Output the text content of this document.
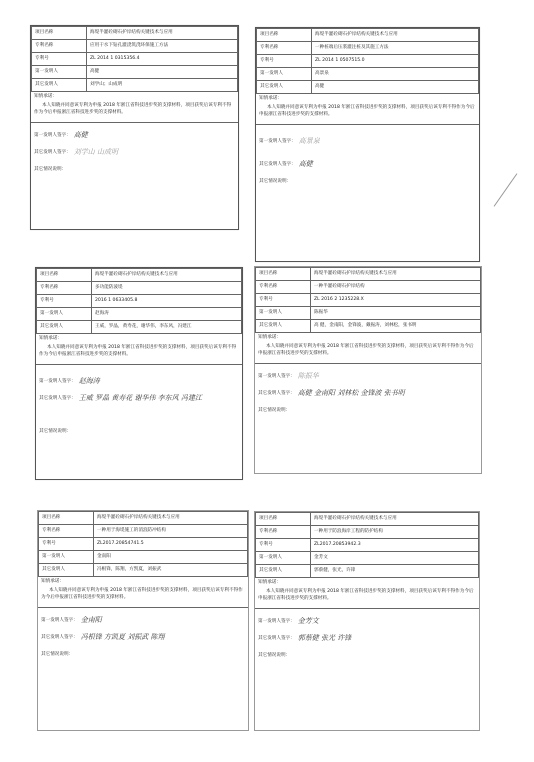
项目名称	海堤半灌砼砌石护岸结构关键技术与应用
专利名称	应用干水下钻孔灌浇筑浇环保施工方法
专利号	ZL 2014 1 0315356.4
第一发明人	高健
其它发明人	刘学山；山成明
知情承诺：
本人知晓并同意该专利为申报 2018 年浙江省科技进步奖的支撑材料，项目获奖后该专利不得作为今后申报浙江省科技进步奖的支撑材料。
第一发明人签字： 高健
其它发明人签字： 刘学山 山成明
其它情况说明：
项目名称	海堤半灌砼砌石护岸结构关键技术与应用
专利名称	一种桩端后压浆灌注桩及其施工方法
专利号	ZL 2014 1 0507515.0
第一发明人	高景泉
其它发明人	高健
知情承诺：
本人知晓并同意该专利为申报 2018 年浙江省科技进步奖的支撑材料，项目获奖后该专利不得作为今后申报浙江省科技进步奖的支撑材料。
第一发明人签字： 高景泉
其它发明人签字： 高健
其它情况说明：
项目名称	海堤半灌砼砌石护岸结构关键技术与应用
专利名称	多功能防波堤
专利号	2016 1 0633405.8
第一发明人	赵海涛
其它发明人	王威，罗晶，黄寿花，谢华伟，李东风，冯建江
知情承诺：
本人知晓并同意该专利为申报 2018 年浙江省科技进步奖的支撑材料，项目获奖后该专利不得作为今后申报浙江省科技进步奖的支撑材料。
第一发明人签字： 赵海涛
其它发明人签字： 王威 罗晶 黄寿花 谢华伟 李东风 冯建江
其它情况说明：
项目名称	海堤半灌砼砌石护岸结构关键技术与应用
专利名称	一种半灌砼砌石护岸结构
专利号	ZL 2016 2 1235228.X
第一发明人	陈振华
其它发明人	高 健，金南阳，金锋波，戴振涛，刘林松，张书明
知情承诺：
本人知晓并同意该专利为申报 2018 年浙江省科技进步奖的支撑材料，项目获奖后该专利不得作为今后申报浙江省科技进步奖的支撑材料。
第一发明人签字： 陈振华
其它发明人签字： 高健 金南阳 刘林松 金锋波 张书明
其它情况说明：
项目名称	海堤半灌砼砌石护岸结构关键技术与应用
专利名称	一种用于海堤施工的消浪防冲结构
专利号	ZL2017.20854741.5
第一发明人	金南阳
其它发明人	冯根锋，陈翔，方凯夏，刘振武
知情承诺：
本人知晓并同意该专利为申报 2018 年浙江省科技进步奖的支撑材料，项目获奖后该专利不得作为今后申报浙江省科技进步奖的支撑材料。
第一发明人签字： 金南阳
其它发明人签字： 冯根锋 方凯夏 刘振武 陈翔
其它情况说明：
项目名称	海堤半灌砼砌石护岸结构关键技术与应用
专利名称	一种用于防浪海岸工程的防护结构
专利号	ZL2017.20853942.3
第一发明人	金芳文
其它发明人	郭蔡健，张光，许锋
知情承诺：
本人知晓并同意该专利为申报 2018 年浙江省科技进步奖的支撑材料，项目获奖后该专利不得作为今后申报浙江省科技进步奖的支撑材料。
第一发明人签字： 金芳文
其它发明人签字： 郭蔡健 张光 许锋
其它情况说明：
